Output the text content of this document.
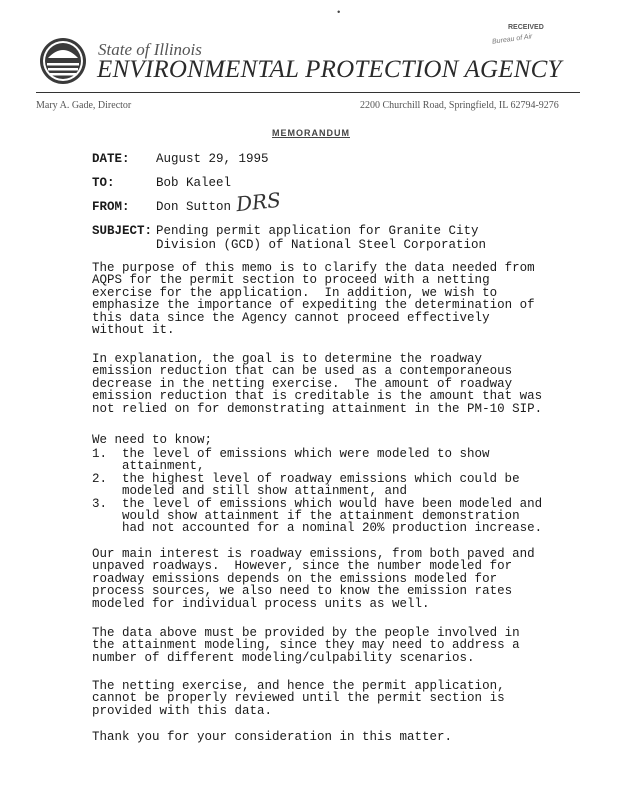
•
RECEIVED
Bureau of Air
State of Illinois
ENVIRONMENTAL PROTECTION AGENCY
Mary A. Gade, Director	2200 Churchill Road, Springfield, IL 62794-9276
MEMORANDUM
DATE: August 29, 1995
TO:	Bob Kaleel
FROM: Don Sutton DRS
SUBJECT: Pending permit application for Granite City
Division (GCD) of National Steel Corporation

The purpose of this memo is to clarify the data needed from
AQPS for the permit section to proceed with a netting
exercise for the application.  In addition, we wish to
emphasize the importance of expediting the determination of
this data since the Agency cannot proceed effectively
without it.

In explanation, the goal is to determine the roadway
emission reduction that can be used as a contemporaneous
decrease in the netting exercise.  The amount of roadway
emission reduction that is creditable is the amount that was
not relied on for demonstrating attainment in the PM-10 SIP.

We need to know;

1.	the level of emissions which were modeled to show
attainment,
2.	the highest level of roadway emissions which could be
modeled and still show attainment, and
3.	the level of emissions which would have been modeled and
would show attainment if the attainment demonstration
had not accounted for a nominal 20% production increase.

Our main interest is roadway emissions, from both paved and
unpaved roadways.  However, since the number modeled for
roadway emissions depends on the emissions modeled for
process sources, we also need to know the emission rates
modeled for individual process units as well.

The data above must be provided by the people involved in
the attainment modeling, since they may need to address a
number of different modeling/culpability scenarios.

The netting exercise, and hence the permit application,
cannot be properly reviewed until the permit section is
provided with this data.

Thank you for your consideration in this matter.
